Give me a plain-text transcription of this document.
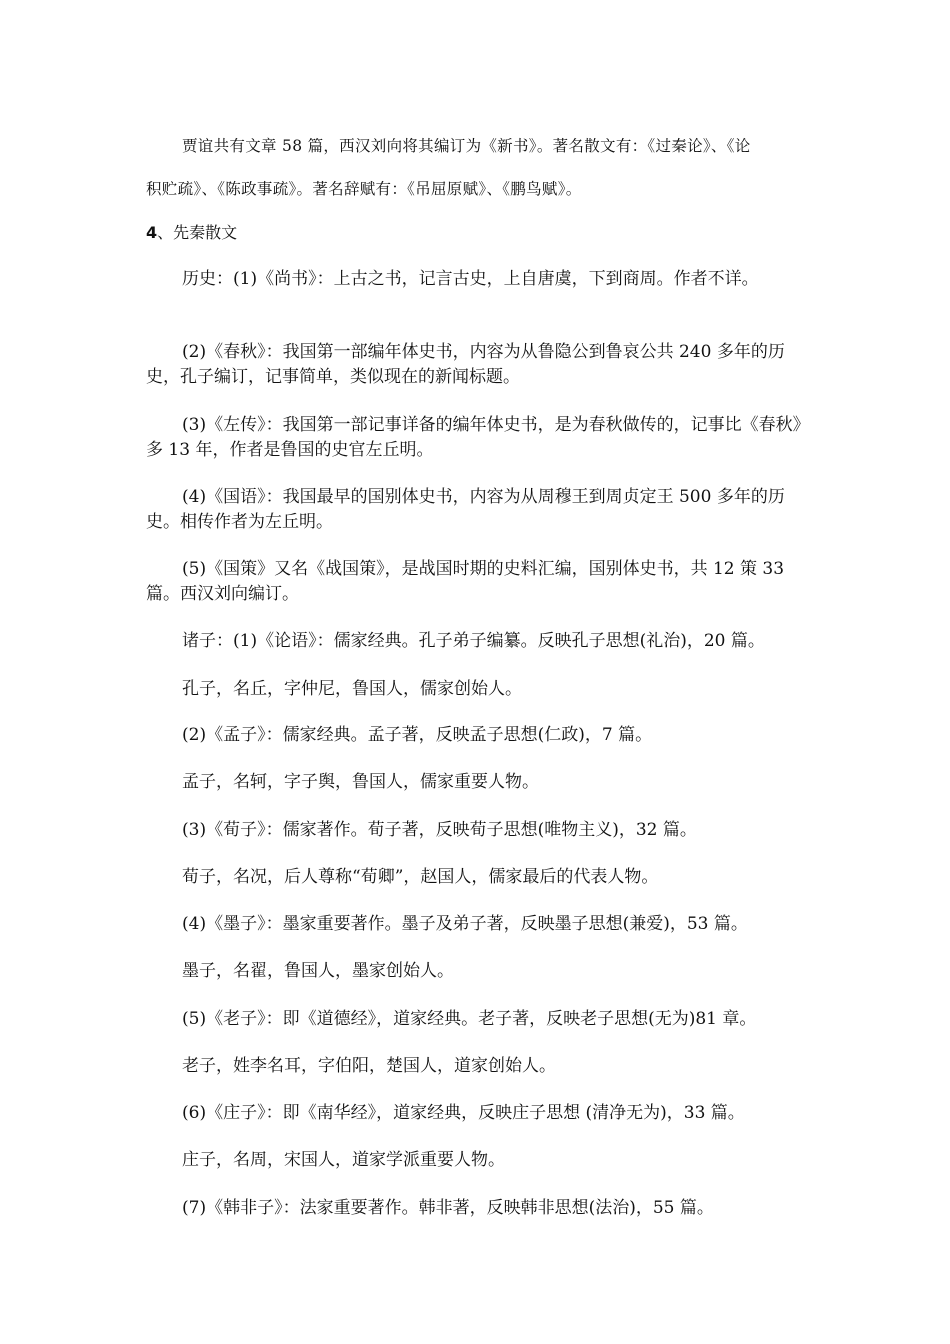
贾谊共有文章 58 篇，西汉刘向将其编订为《新书》。著名散文有：《过秦论》、《论

积贮疏》、《陈政事疏》。著名辞赋有：《吊屈原赋》、《鹏鸟赋》。

4、先秦散文

历史：(1)《尚书》：上古之书，记言古史，上自唐虞，下到商周。作者不详。

(2)《春秋》：我国第一部编年体史书，内容为从鲁隐公到鲁哀公共 240 多年的历史，孔子编订，记事简单，类似现在的新闻标题。

(3)《左传》：我国第一部记事详备的编年体史书，是为春秋做传的，记事比《春秋》多 13 年，作者是鲁国的史官左丘明。

(4)《国语》：我国最早的国别体史书，内容为从周穆王到周贞定王 500 多年的历史。相传作者为左丘明。

(5)《国策》又名《战国策》，是战国时期的史料汇编，国别体史书，共 12 策 33 篇。西汉刘向编订。

诸子：(1)《论语》：儒家经典。孔子弟子编纂。反映孔子思想(礼治)，20 篇。

孔子，名丘，字仲尼，鲁国人，儒家创始人。

(2)《孟子》：儒家经典。孟子著，反映孟子思想(仁政)，7 篇。

孟子，名轲，字子舆，鲁国人，儒家重要人物。

(3)《荀子》：儒家著作。荀子著，反映荀子思想(唯物主义)，32 篇。

荀子，名况，后人尊称“荀卿”，赵国人，儒家最后的代表人物。

(4)《墨子》：墨家重要著作。墨子及弟子著，反映墨子思想(兼爱)，53 篇。

墨子，名翟，鲁国人，墨家创始人。

(5)《老子》：即《道德经》，道家经典。老子著，反映老子思想(无为)81 章。

老子，姓李名耳，字伯阳，楚国人，道家创始人。

(6)《庄子》：即《南华经》，道家经典，反映庄子思想 (清净无为)，33 篇。

庄子，名周，宋国人，道家学派重要人物。

(7)《韩非子》：法家重要著作。韩非著，反映韩非思想(法治)，55 篇。
